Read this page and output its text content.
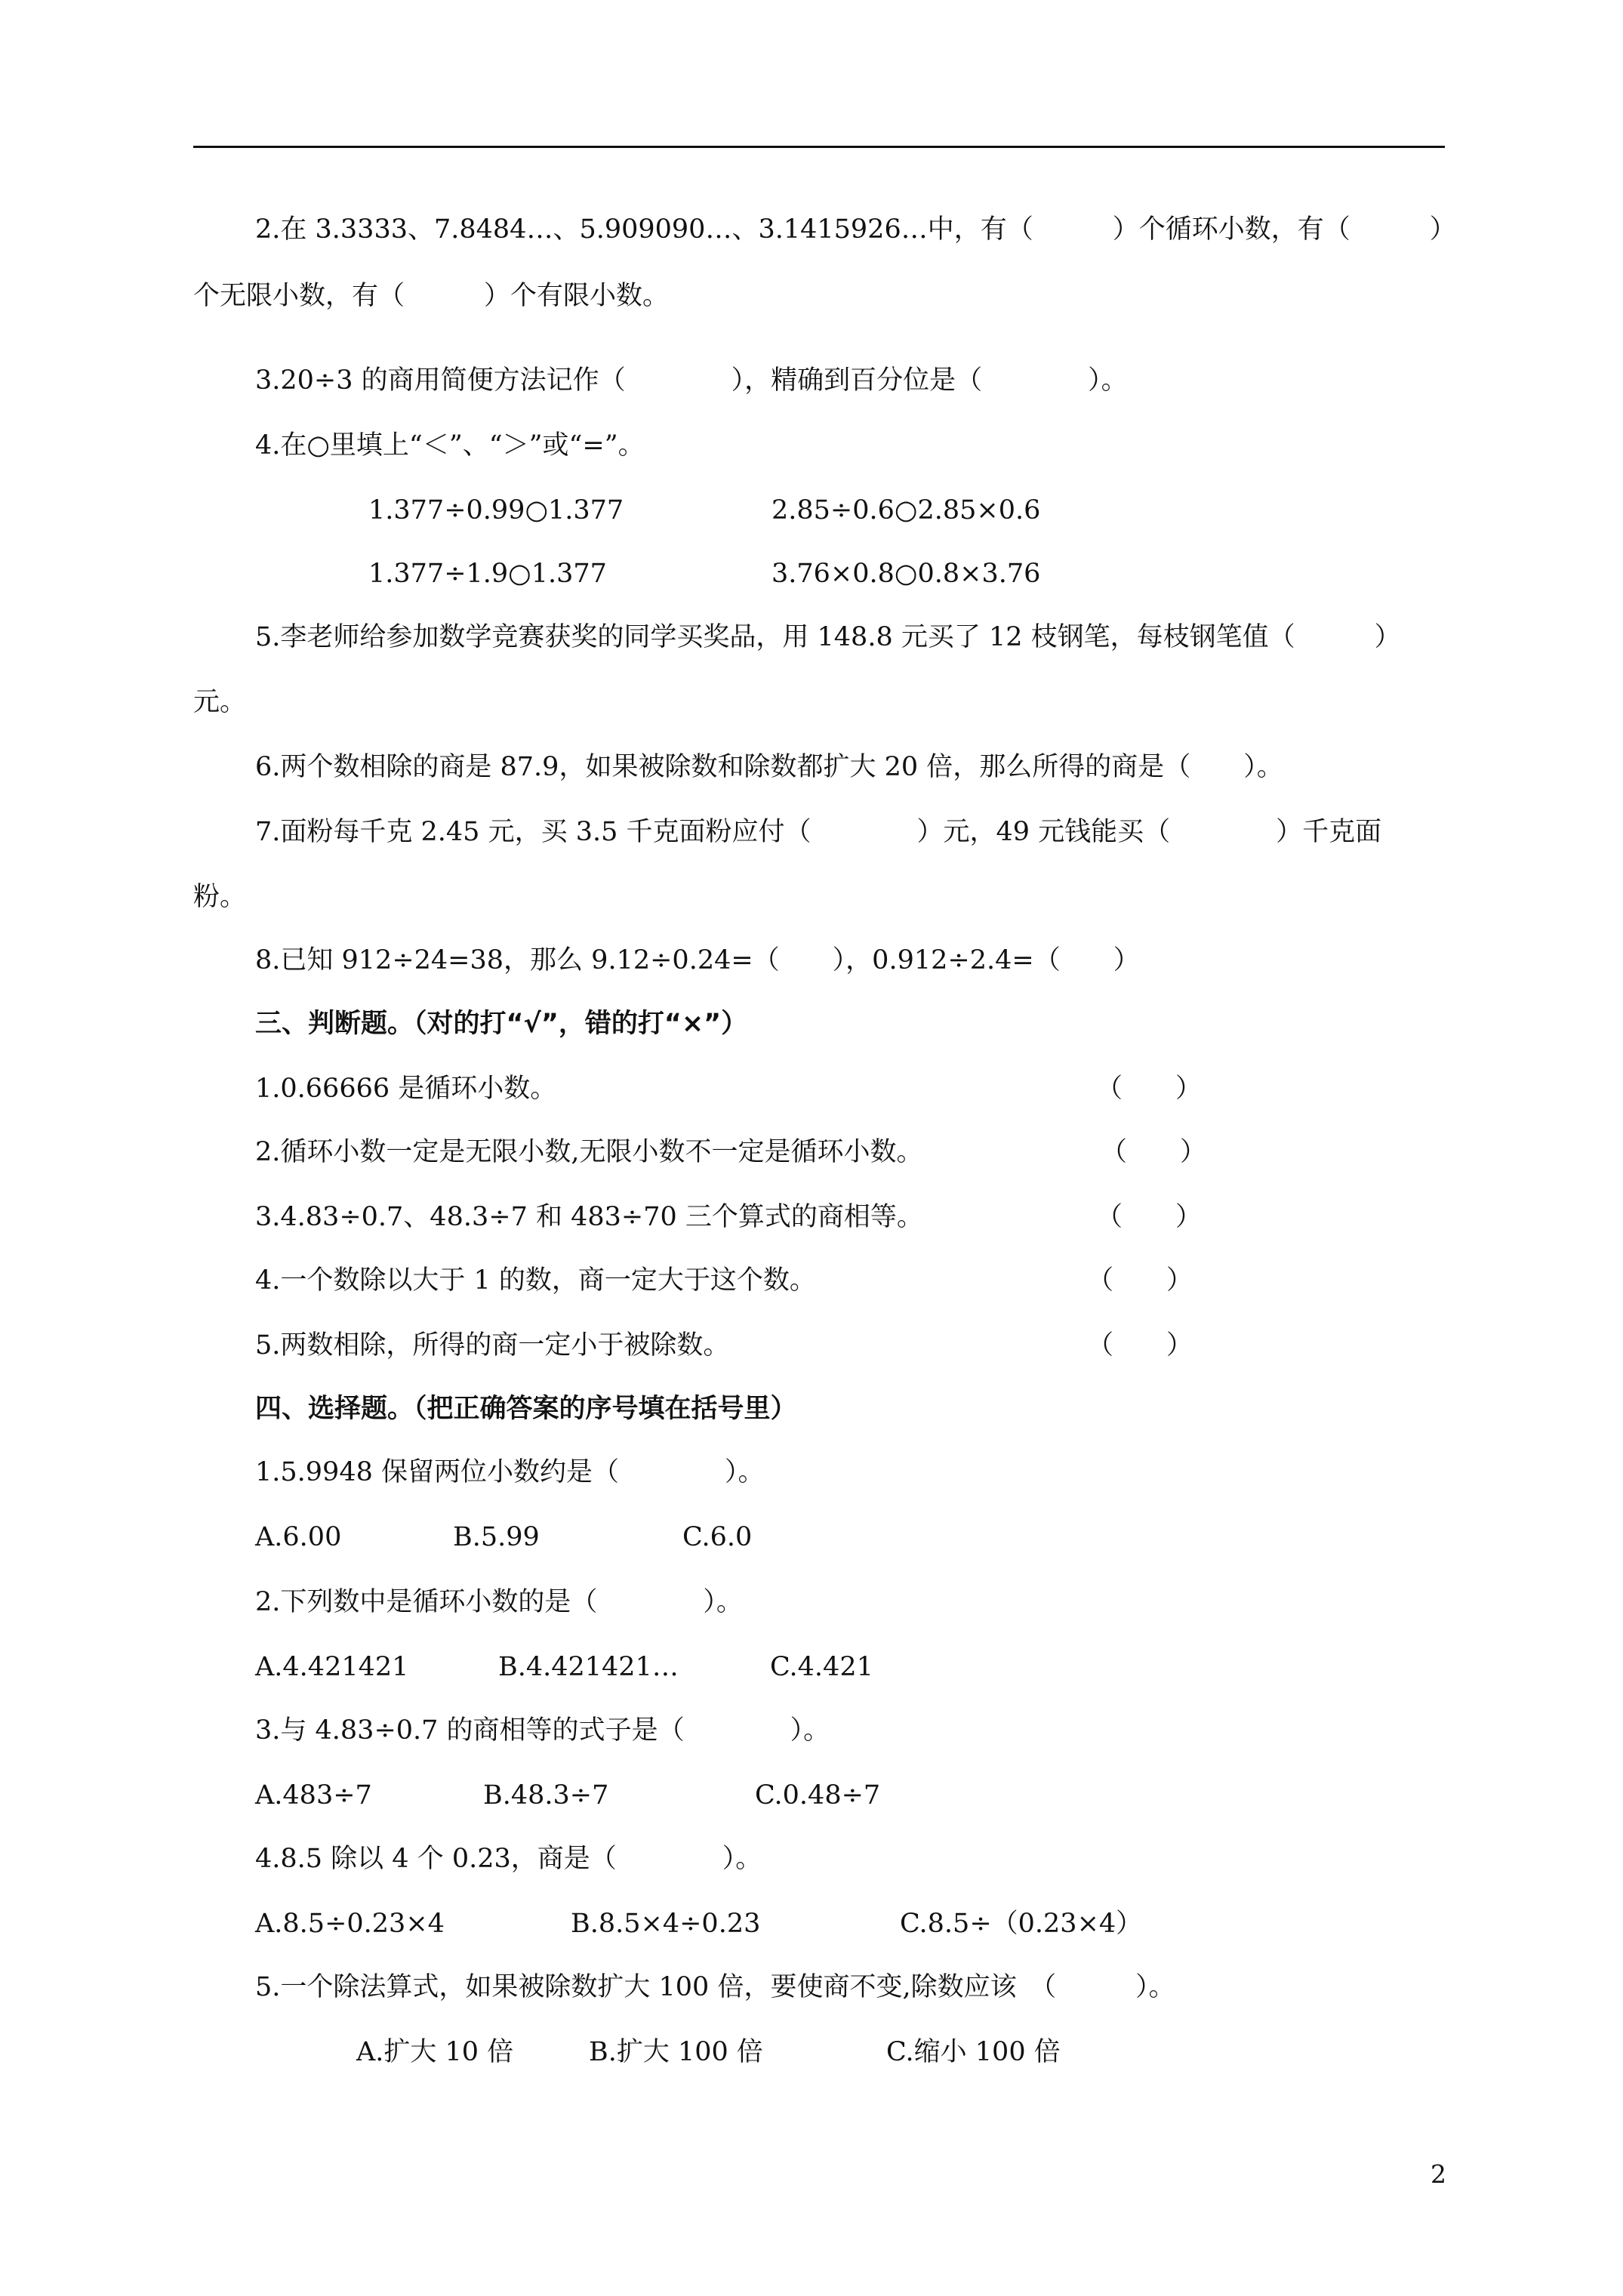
2.在 3.3333、7.8484…、5.909090…、3.1415926…中，有（　　　）个循环小数，有（　　　）
个无限小数，有（　　　）个有限小数。
3.20÷3 的商用简便方法记作（　　　　），精确到百分位是（　　　　）。
4.在○里填上“＜”、“＞”或“=”。
1.377÷0.99○1.377	2.85÷0.6○2.85×0.6
1.377÷1.9○1.377	3.76×0.8○0.8×3.76
5.李老师给参加数学竞赛获奖的同学买奖品，用 148.8 元买了 12 枝钢笔，每枝钢笔值（　　　）
元。
6.两个数相除的商是 87.9，如果被除数和除数都扩大 20 倍，那么所得的商是（　　）。
7.面粉每千克 2.45 元，买 3.5 千克面粉应付（　　　　）元，49 元钱能买（　　　　）千克面
粉。
8.已知 912÷24=38，那么 9.12÷0.24=（　　），0.912÷2.4=（　　）
三、判断题。（对的打“√”，错的打“×”）
1.0.66666 是循环小数。	（　　）
2.循环小数一定是无限小数,无限小数不一定是循环小数。	（　　）
3.4.83÷0.7、48.3÷7 和 483÷70 三个算式的商相等。	（　　）
4.一个数除以大于 1 的数，商一定大于这个数。	（　　）
5.两数相除，所得的商一定小于被除数。	（　　）
四、选择题。（把正确答案的序号填在括号里）
1.5.9948 保留两位小数约是（　　　　）。
A.6.00	B.5.99	C.6.0
2.下列数中是循环小数的是（　　　　）。
A.4.421421	B.4.421421…	C.4.421
3.与 4.83÷0.7 的商相等的式子是（　　　　）。
A.483÷7	B.48.3÷7	C.0.48÷7
4.8.5 除以 4 个 0.23，商是（　　　　）。
A.8.5÷0.23×4	B.8.5×4÷0.23	C.8.5÷（0.23×4）
5.一个除法算式，如果被除数扩大 100 倍，要使商不变,除数应该　（　　　）。
A.扩大 10 倍	B.扩大 100 倍	C.缩小 100 倍
2
